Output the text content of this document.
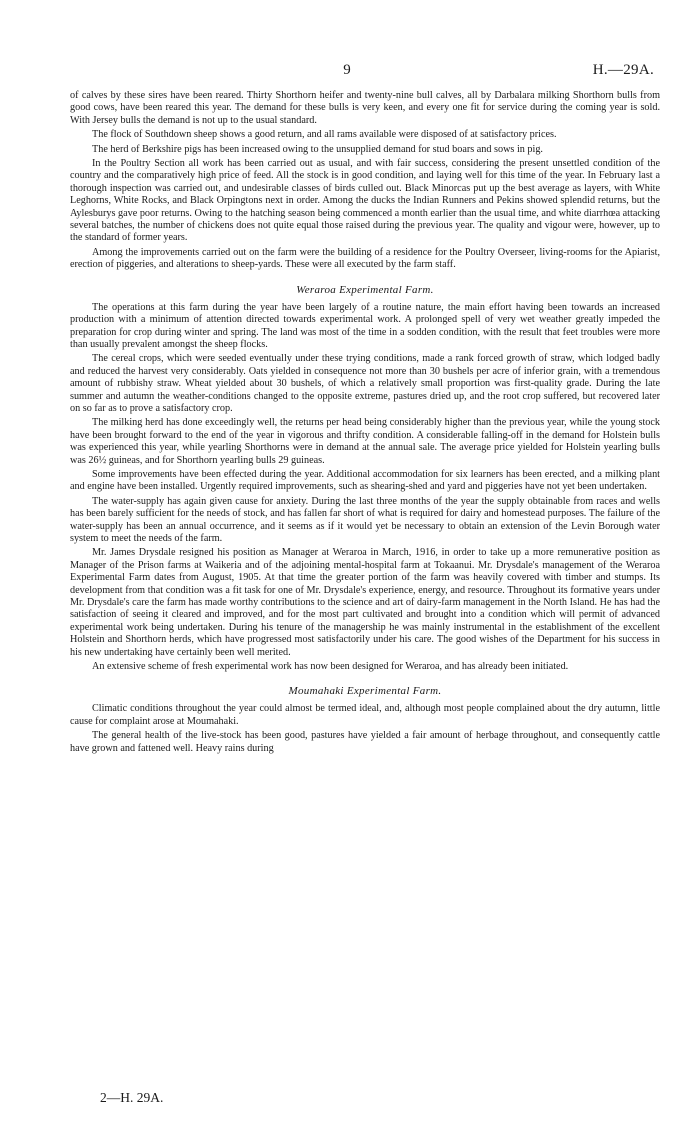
9	H.—29A.

of calves by these sires have been reared. Thirty Shorthorn heifer and twenty-nine bull calves, all by Darbalara milking Shorthorn bulls from good cows, have been reared this year. The demand for these bulls is very keen, and every one fit for service during the coming year is sold. With Jersey bulls the demand is not up to the usual standard.

The flock of Southdown sheep shows a good return, and all rams available were disposed of at satisfactory prices.

The herd of Berkshire pigs has been increased owing to the unsupplied demand for stud boars and sows in pig.

In the Poultry Section all work has been carried out as usual, and with fair success, considering the present unsettled condition of the country and the comparatively high price of feed. All the stock is in good condition, and laying well for this time of the year. In February last a thorough inspection was carried out, and undesirable classes of birds culled out. Black Minorcas put up the best average as layers, with White Leghorns, White Rocks, and Black Orpingtons next in order. Among the ducks the Indian Runners and Pekins showed splendid returns, but the Aylesburys gave poor returns. Owing to the hatching season being commenced a month earlier than the usual time, and white diarrhœa attacking several batches, the number of chickens does not quite equal those raised during the previous year. The quality and vigour were, however, up to the standard of former years.

Among the improvements carried out on the farm were the building of a residence for the Poultry Overseer, living-rooms for the Apiarist, erection of piggeries, and alterations to sheep-yards. These were all executed by the farm staff.

Weraroa Experimental Farm.

The operations at this farm during the year have been largely of a routine nature, the main effort having been towards an increased production with a minimum of attention directed towards experimental work. A prolonged spell of very wet weather greatly impeded the preparation for crop during winter and spring. The land was most of the time in a sodden condition, with the result that feet troubles were more than usually prevalent amongst the sheep flocks.

The cereal crops, which were seeded eventually under these trying conditions, made a rank forced growth of straw, which lodged badly and reduced the harvest very considerably. Oats yielded in consequence not more than 30 bushels per acre of inferior grain, with a tremendous amount of rubbishy straw. Wheat yielded about 30 bushels, of which a relatively small proportion was first-quality grade. During the late summer and autumn the weather-conditions changed to the opposite extreme, pastures dried up, and the root crop suffered, but recovered later on so far as to prove a satisfactory crop.

The milking herd has done exceedingly well, the returns per head being considerably higher than the previous year, while the young stock have been brought forward to the end of the year in vigorous and thrifty condition. A considerable falling-off in the demand for Holstein bulls was experienced this year, while yearling Shorthorns were in demand at the annual sale. The average price yielded for Holstein yearling bulls was 26½ guineas, and for Shorthorn yearling bulls 29 guineas.

Some improvements have been effected during the year. Additional accommodation for six learners has been erected, and a milking plant and engine have been installed. Urgently required improvements, such as shearing-shed and yard and piggeries have not yet been undertaken.

The water-supply has again given cause for anxiety. During the last three months of the year the supply obtainable from races and wells has been barely sufficient for the needs of stock, and has fallen far short of what is required for dairy and homestead purposes. The failure of the water-supply has been an annual occurrence, and it seems as if it would yet be necessary to obtain an extension of the Levin Borough water system to meet the needs of the farm.

Mr. James Drysdale resigned his position as Manager at Weraroa in March, 1916, in order to take up a more remunerative position as Manager of the Prison farms at Waikeria and of the adjoining mental-hospital farm at Tokaanui. Mr. Drysdale's management of the Weraroa Experimental Farm dates from August, 1905. At that time the greater portion of the farm was heavily covered with timber and stumps. Its development from that condition was a fit task for one of Mr. Drysdale's experience, energy, and resource. Throughout its formative years under Mr. Drysdale's care the farm has made worthy contributions to the science and art of dairy-farm management in the North Island. He has had the satisfaction of seeing it cleared and improved, and for the most part cultivated and brought into a condition which will permit of advanced experimental work being undertaken. During his tenure of the managership he was mainly instrumental in the establishment of the excellent Holstein and Shorthorn herds, which have progressed most satisfactorily under his care. The good wishes of the Department for his success in his new undertaking have certainly been well merited.

An extensive scheme of fresh experimental work has now been designed for Weraroa, and has already been initiated.

Moumahaki Experimental Farm.

Climatic conditions throughout the year could almost be termed ideal, and, although most people complained about the dry autumn, little cause for complaint arose at Moumahaki.

The general health of the live-stock has been good, pastures have yielded a fair amount of herbage throughout, and consequently cattle have grown and fattened well. Heavy rains during

2—H. 29A.
